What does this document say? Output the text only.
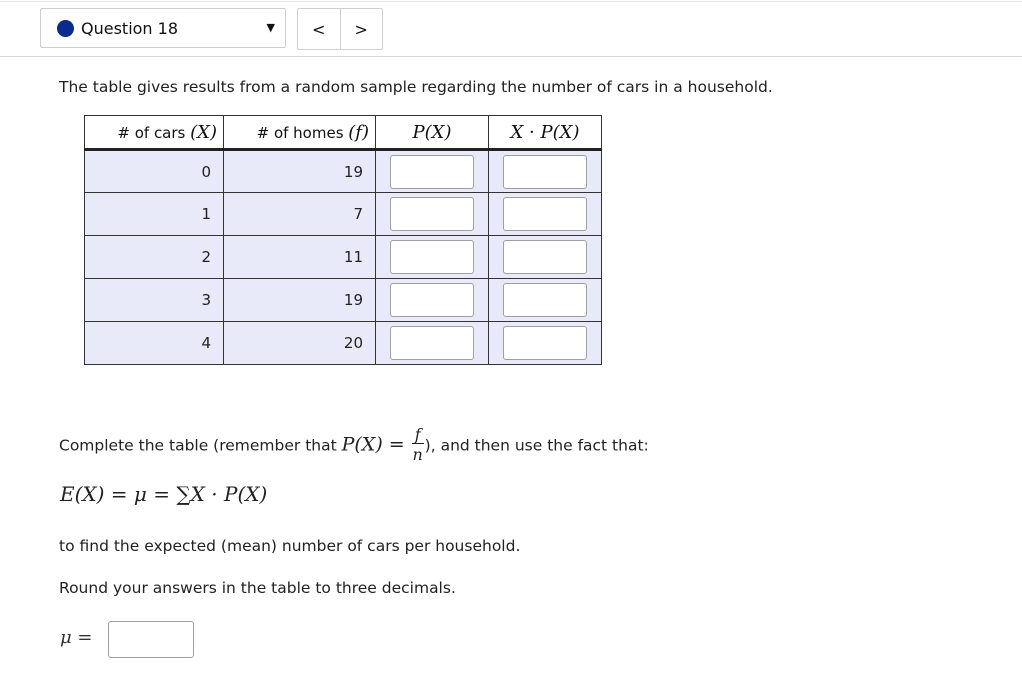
Question 18	▼ < >
The table gives results from a random sample regarding the number of cars in a household.
# of cars (X)	# of homes (f)	P(X)	X · P(X)
0	19		
1	7		
2	11		
3	19		
4	20		
Complete the table (remember that $P(X) = \frac{f}{n}$ ), and then use the fact that:
E(X) = μ = ∑X · P(X)
to find the expected (mean) number of cars per household.
Round your answers in the table to three decimals.
μ =
